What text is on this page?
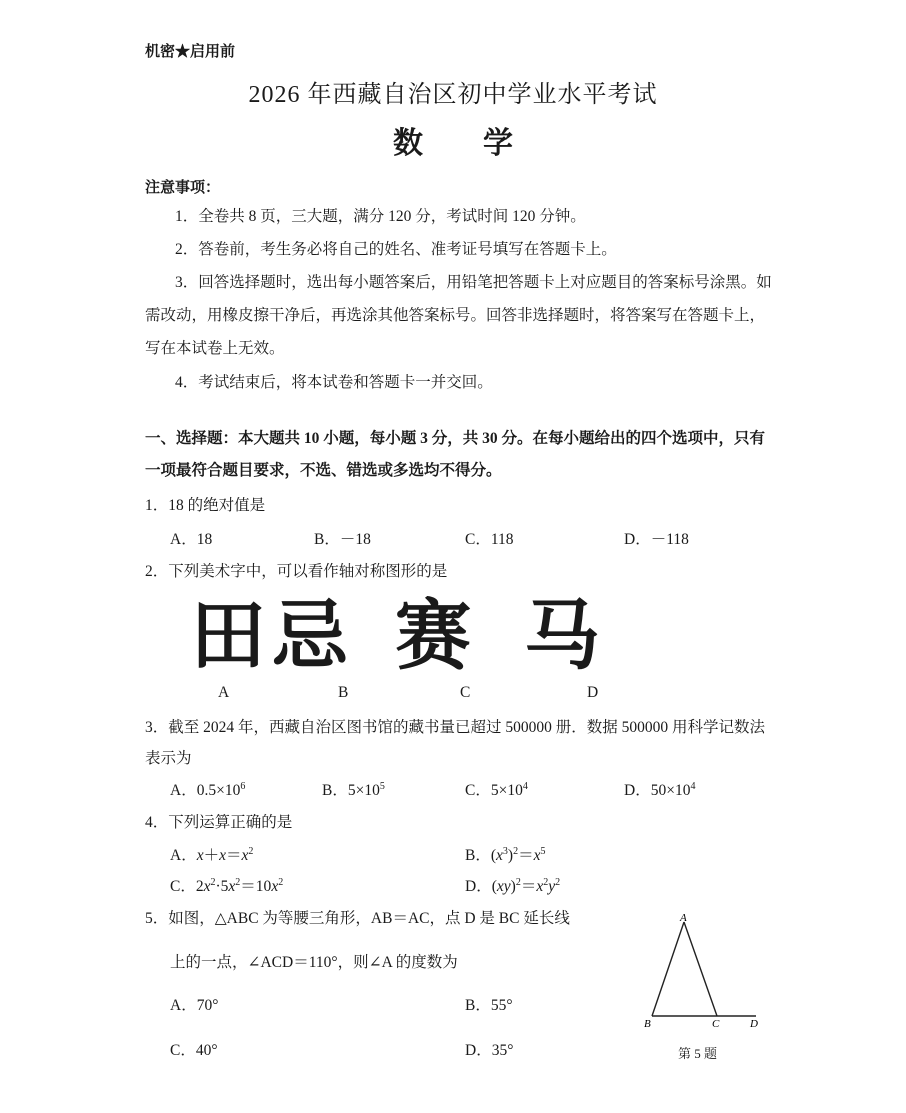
机密★启用前
2026 年西藏自治区初中学业水平考试
数学
注意事项：
1．全卷共 8 页，三大题，满分 120 分，考试时间 120 分钟。
2．答卷前，考生务必将自己的姓名、准考证号填写在答题卡上。
3．回答选择题时，选出每小题答案后，用铅笔把答题卡上对应题目的答案标号涂黑。如需改动，用橡皮擦干净后，再选涂其他答案标号。回答非选择题时，将答案写在答题卡上，写在本试卷上无效。
4．考试结束后，将本试卷和答题卡一并交回。
一、选择题：本大题共 10 小题，每小题 3 分，共 30 分。在每小题给出的四个选项中，只有一项最符合题目要求，不选、错选或多选均不得分。
1．18 的绝对值是
A．18	B．－18	C．118	D．－118
2．下列美术字中，可以看作轴对称图形的是
田 忌 赛 马
A	B	C	D
3．截至 2024 年，西藏自治区图书馆的藏书量已超过 500000 册．数据 500000 用科学记数法表示为
A．$0.5\times 10^6$	B．$5\times 10^5$	C．$5\times 10^4$	D．$50\times 10^4$
4．下列运算正确的是
A．$x+x=x^2$	B．$(x^3)^2=x^5$
C．$2x^2\cdot 5x^2=10x^2$	D．$(xy)^2=x^2y^2$
5．如图，△ABC 为等腰三角形，AB＝AC，点 D 是 BC 延长线
上的一点，∠ACD＝110°，则∠A 的度数为
A．70°	B．55°
C．40°	D．35°
A
B	C	D
第 5 题
